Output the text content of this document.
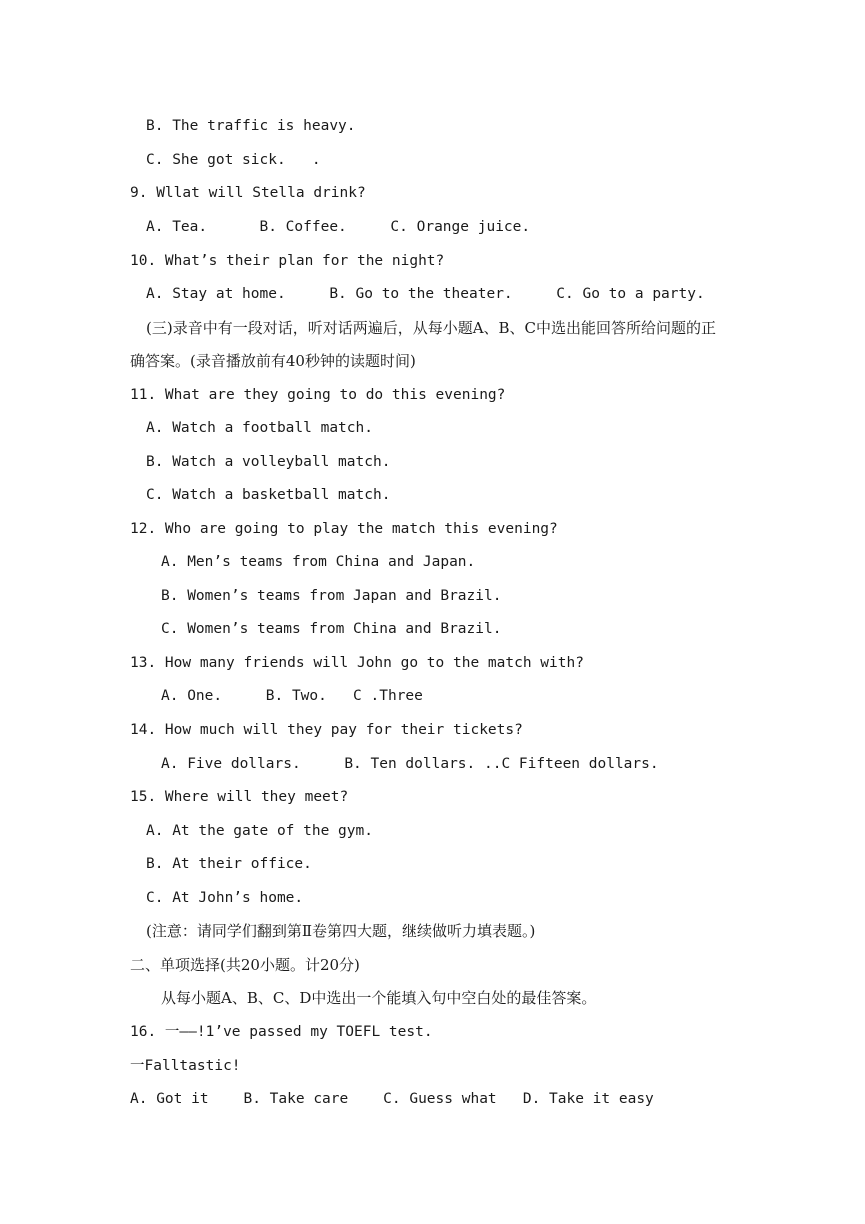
B. The traffic is heavy.
C. She got sick.   .
9. Wllat will Stella drink?
A. Tea.      B. Coffee.     C. Orange juice.
10. What’s their plan for the night?
A. Stay at home.     B. Go to the theater.     C. Go to a party.
(三)录音中有一段对话，听对话两遍后，从每小题A、B、C中选出能回答所给问题的正
确答案。(录音播放前有40秒钟的读题时间)
11. What are they going to do this evening?
A. Watch a football match.
B. Watch a volleyball match.
C. Watch a basketball match.
12. Who are going to play the match this evening?
A. Men’s teams from China and Japan.
B. Women’s teams from Japan and Brazil.
C. Women’s teams from China and Brazil.
13. How many friends will John go to the match with?
A. One.     B. Two.   C .Three
14. How much will they pay for their tickets?
A. Five dollars.     B. Ten dollars. ..C Fifteen dollars.
15. Where will they meet?
A. At the gate of the gym.
B. At their office.
C. At John’s home.
(注意：请同学们翻到第Ⅱ卷第四大题，继续做听力填表题。)
二、单项选择(共20小题。计20分)
从每小题A、B、C、D中选出一个能填入句中空白处的最佳答案。
16. 一——!1’ve passed my TOEFL test.
一Falltastic!
A. Got it    B. Take care    C. Guess what   D. Take it easy
